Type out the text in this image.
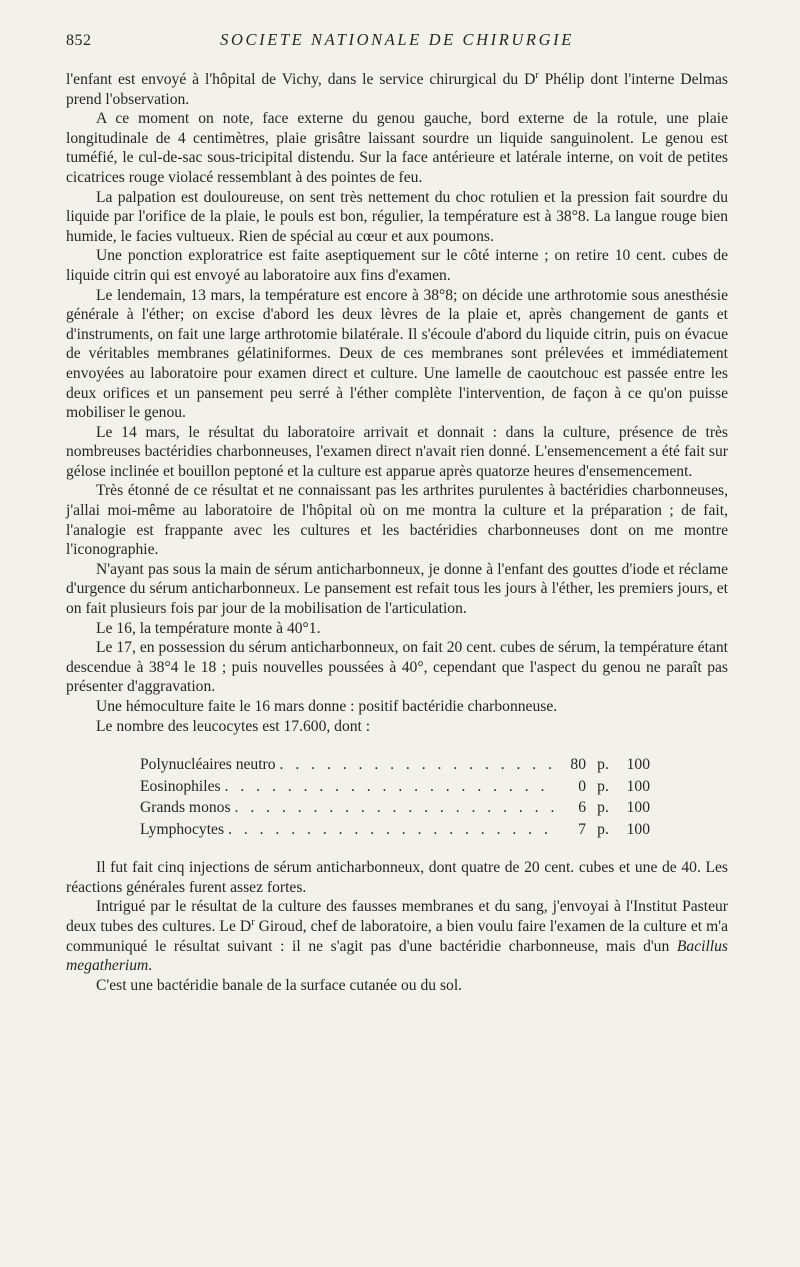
852	SOCIETE NATIONALE DE CHIRURGIE

l'enfant est envoyé à l'hôpital de Vichy, dans le service chirurgical du $D^r$ Phélip dont l'interne Delmas prend l'observation.

A ce moment on note, face externe du genou gauche, bord externe de la rotule, une plaie longitudinale de 4 centimètres, plaie grisâtre laissant sourdre un liquide sanguinolent. Le genou est tuméfié, le cul-de-sac sous-tricipital distendu. Sur la face antérieure et latérale interne, on voit de petites cicatrices rouge violacé ressemblant à des pointes de feu.

La palpation est douloureuse, on sent très nettement du choc rotulien et la pression fait sourdre du liquide par l'orifice de la plaie, le pouls est bon, régulier, la température est à 38°8. La langue rouge bien humide, le facies vultueux. Rien de spécial au cœur et aux poumons.

Une ponction exploratrice est faite aseptiquement sur le côté interne ; on retire 10 cent. cubes de liquide citrin qui est envoyé au laboratoire aux fins d'examen.

Le lendemain, 13 mars, la température est encore à 38°8; on décide une arthrotomie sous anesthésie générale à l'éther; on excise d'abord les deux lèvres de la plaie et, après changement de gants et d'instruments, on fait une large arthrotomie bilatérale. Il s'écoule d'abord du liquide citrin, puis on évacue de véritables membranes gélatiniformes. Deux de ces membranes sont prélevées et immédiatement envoyées au laboratoire pour examen direct et culture. Une lamelle de caoutchouc est passée entre les deux orifices et un pansement peu serré à l'éther complète l'intervention, de façon à ce qu'on puisse mobiliser le genou.

Le 14 mars, le résultat du laboratoire arrivait et donnait : dans la culture, présence de très nombreuses bactéridies charbonneuses, l'examen direct n'avait rien donné. L'ensemencement a été fait sur gélose inclinée et bouillon peptoné et la culture est apparue après quatorze heures d'ensemencement.

Très étonné de ce résultat et ne connaissant pas les arthrites purulentes à bactéridies charbonneuses, j'allai moi-même au laboratoire de l'hôpital où on me montra la culture et la préparation ; de fait, l'analogie est frappante avec les cultures et les bactéridies charbonneuses dont on me montre l'iconographie.

N'ayant pas sous la main de sérum anticharbonneux, je donne à l'enfant des gouttes d'iode et réclame d'urgence du sérum anticharbonneux. Le pansement est refait tous les jours à l'éther, les premiers jours, et on fait plusieurs fois par jour de la mobilisation de l'articulation.

Le 16, la température monte à 40°1.

Le 17, en possession du sérum anticharbonneux, on fait 20 cent. cubes de sérum, la température étant descendue à 38°4 le 18 ; puis nouvelles poussées à 40°, cependant que l'aspect du genou ne paraît pas présenter d'aggravation.

Une hémoculture faite le 16 mars donne : positif bactéridie charbonneuse.

Le nombre des leucocytes est 17.600, dont :

Polynucléaires neutro . . .	80 p.	100
Eosinophiles . . .	0 p.	100
Grands monos . . .	6 p.	100
Lymphocytes . . .	7 p.	100

Il fut fait cinq injections de sérum anticharbonneux, dont quatre de 20 cent. cubes et une de 40. Les réactions générales furent assez fortes.

Intrigué par le résultat de la culture des fausses membranes et du sang, j'envoyai à l'Institut Pasteur deux tubes des cultures. Le $D^r$ Giroud, chef de laboratoire, a bien voulu faire l'examen de la culture et m'a communiqué le résultat suivant : il ne s'agit pas d'une bactéridie charbonneuse, mais d'un Bacillus megatherium.

C'est une bactéridie banale de la surface cutanée ou du sol.
